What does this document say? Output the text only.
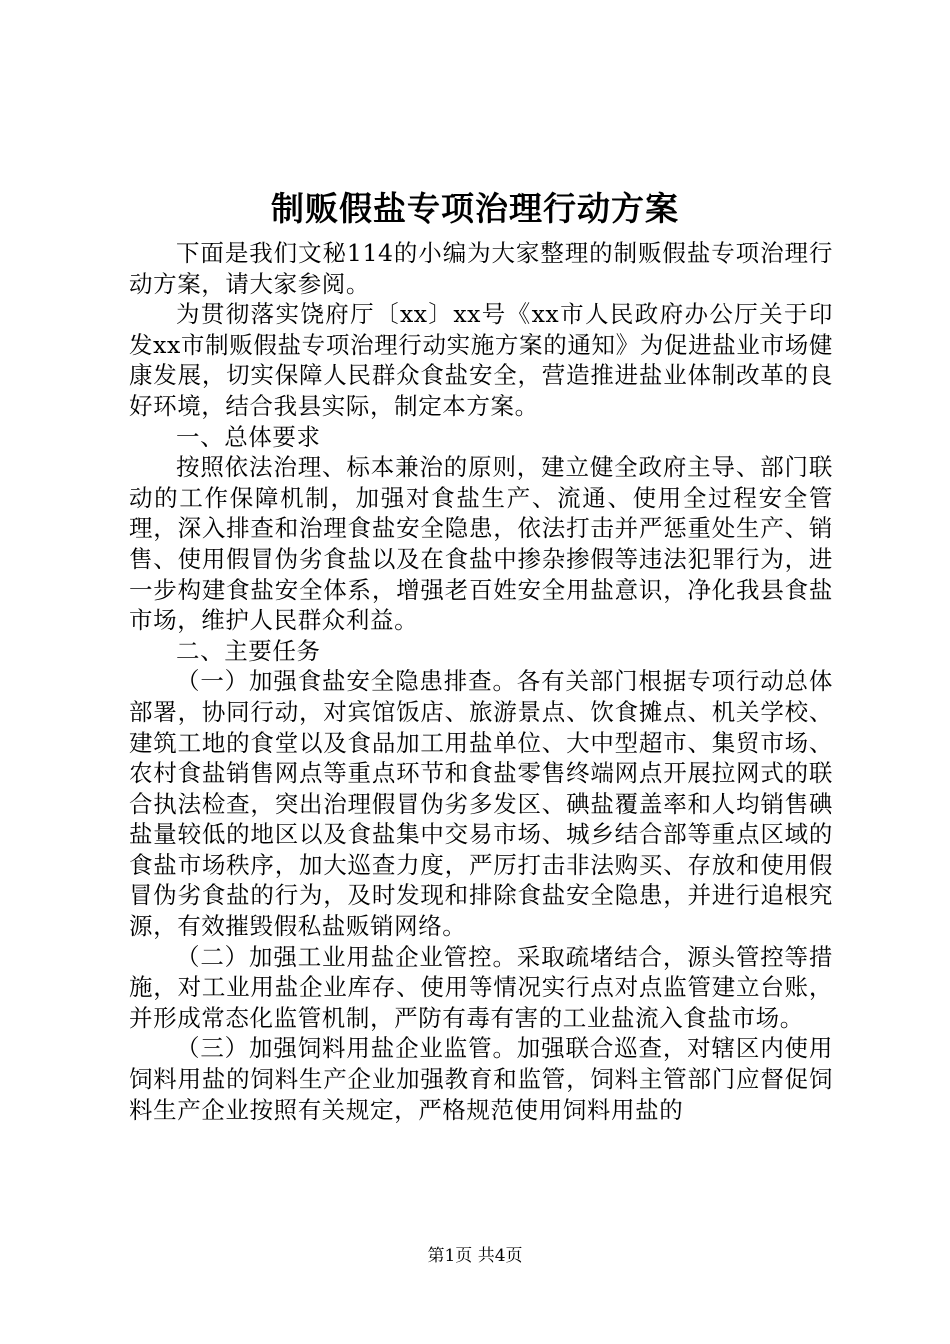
制贩假盐专项治理行动方案

下面是我们文秘114的小编为大家整理的制贩假盐专项治理行动方案，请大家参阅。

为贯彻落实饶府厅〔xx〕xx号《xx市人民政府办公厅关于印发xx市制贩假盐专项治理行动实施方案的通知》为促进盐业市场健康发展，切实保障人民群众食盐安全，营造推进盐业体制改革的良好环境，结合我县实际，制定本方案。

一、总体要求

按照依法治理、标本兼治的原则，建立健全政府主导、部门联动的工作保障机制，加强对食盐生产、流通、使用全过程安全管理，深入排查和治理食盐安全隐患，依法打击并严惩重处生产、销售、使用假冒伪劣食盐以及在食盐中掺杂掺假等违法犯罪行为，进一步构建食盐安全体系，增强老百姓安全用盐意识，净化我县食盐市场，维护人民群众利益。

二、主要任务

（一）加强食盐安全隐患排查。各有关部门根据专项行动总体部署，协同行动，对宾馆饭店、旅游景点、饮食摊点、机关学校、建筑工地的食堂以及食品加工用盐单位、大中型超市、集贸市场、农村食盐销售网点等重点环节和食盐零售终端网点开展拉网式的联合执法检查，突出治理假冒伪劣多发区、碘盐覆盖率和人均销售碘盐量较低的地区以及食盐集中交易市场、城乡结合部等重点区域的食盐市场秩序，加大巡查力度，严厉打击非法购买、存放和使用假冒伪劣食盐的行为，及时发现和排除食盐安全隐患，并进行追根究源，有效摧毁假私盐贩销网络。

（二）加强工业用盐企业管控。采取疏堵结合，源头管控等措施，对工业用盐企业库存、使用等情况实行点对点监管建立台账，并形成常态化监管机制，严防有毒有害的工业盐流入食盐市场。

（三）加强饲料用盐企业监管。加强联合巡查，对辖区内使用饲料用盐的饲料生产企业加强教育和监管，饲料主管部门应督促饲料生产企业按照有关规定，严格规范使用饲料用盐的

第1页 共4页
